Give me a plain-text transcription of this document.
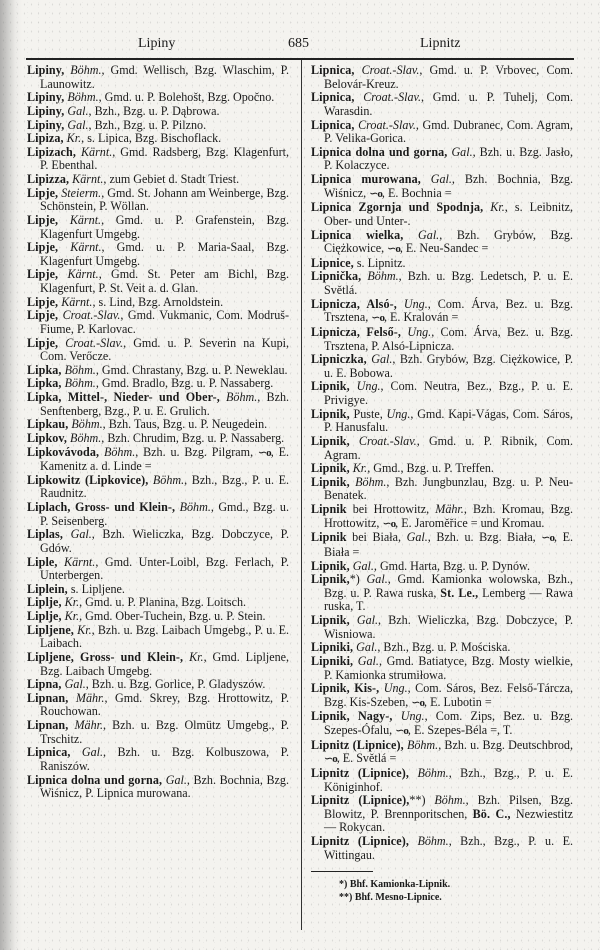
Lipiny	685	Lipnitz

Lipiny, Böhm., Gmd. Wellisch, Bzg. Wlaschim, P. Launowitz.

Lipiny, Böhm., Gmd. u. P. Bolehošt, Bzg. Opočno.

Lipiny, Gal., Bzh., Bzg. u. P. Dąbrowa.

Lipiny, Gal., Bzh., Bzg. u. P. Pilzno.

Lipiza, Kr., s. Lipica, Bzg. Bischoflack.

Lipizach, Kärnt., Gmd. Radsberg, Bzg. Klagenfurt, P. Ebenthal.

Lipizza, Kärnt., zum Gebiet d. Stadt Triest.

Lipje, Steierm., Gmd. St. Johann am Weinberge, Bzg. Schönstein, P. Wöllan.

Lipje, Kärnt., Gmd. u. P. Grafenstein, Bzg. Klagenfurt Umgebg.

Lipje, Kärnt., Gmd. u. P. Maria-Saal, Bzg. Klagenfurt Umgebg.

Lipje, Kärnt., Gmd. St. Peter am Bichl, Bzg. Klagenfurt, P. St. Veit a. d. Glan.

Lipje, Kärnt., s. Lind, Bzg. Arnoldstein.

Lipje, Croat.-Slav., Gmd. Vukmanic, Com. Modruš-Fiume, P. Karlovac.

Lipje, Croat.-Slav., Gmd. u. P. Severin na Kupi, Com. Verőcze.

Lipka, Böhm., Gmd. Chrastany, Bzg. u. P. Neweklau.

Lipka, Böhm., Gmd. Bradlo, Bzg. u. P. Nassaberg.

Lipka, Mittel-, Nieder- und Ober-, Böhm., Bzh. Senftenberg, Bzg., P. u. E. Grulich.

Lipkau, Böhm., Bzh. Taus, Bzg. u. P. Neugedein.

Lipkov, Böhm., Bzh. Chrudim, Bzg. u. P. Nassaberg.

Lipkovávoda, Böhm., Bzh. u. Bzg. Pilgram, ∽o, E. Kamenitz a. d. Linde =

Lipkowitz (Lipkovice), Böhm., Bzh., Bzg., P. u. E. Raudnitz.

Liplach, Gross- und Klein-, Böhm., Gmd., Bzg. u. P. Seisenberg.

Liplas, Gal., Bzh. Wieliczka, Bzg. Dobczyce, P. Gdów.

Liple, Kärnt., Gmd. Unter-Loibl, Bzg. Ferlach, P. Unterbergen.

Liplein, s. Lipljene.

Liplje, Kr., Gmd. u. P. Planina, Bzg. Loitsch.

Liplje, Kr., Gmd. Ober-Tuchein, Bzg. u. P. Stein.

Lipljene, Kr., Bzh. u. Bzg. Laibach Umgebg., P. u. E. Laibach.

Lipljene, Gross- und Klein-, Kr., Gmd. Lipljene, Bzg. Laibach Umgebg.

Lipna, Gal., Bzh. u. Bzg. Gorlice, P. Gladyszów.

Lipnan, Mähr., Gmd. Skrey, Bzg. Hrottowitz, P. Rouchowan.

Lipnan, Mähr., Bzh. u. Bzg. Olmütz Umgebg., P. Trschitz.

Lipnica, Gal., Bzh. u. Bzg. Kolbuszowa, P. Raniszów.

Lipnica dolna und gorna, Gal., Bzh. Bochnia, Bzg. Wiśnicz, P. Lipnica murowana.

Lipnica, Croat.-Slav., Gmd. u. P. Vrbovec, Com. Belovár-Kreuz.

Lipnica, Croat.-Slav., Gmd. u. P. Tuhelj, Com. Warasdin.

Lipnica, Croat.-Slav., Gmd. Dubranec, Com. Agram, P. Velika-Gorica.

Lipnica dolna und gorna, Gal., Bzh. u. Bzg. Jasło, P. Kolaczyce.

Lipnica murowana, Gal., Bzh. Bochnia, Bzg. Wiśnicz, ∽o, E. Bochnia =

Lipnica Zgornja und Spodnja, Kr., s. Leibnitz, Ober- und Unter-.

Lipnica wielka, Gal., Bzh. Grybów, Bzg. Ciężkowice, ∽o, E. Neu-Sandec =

Lipnice, s. Lipnitz.

Lipnička, Böhm., Bzh. u. Bzg. Ledetsch, P. u. E. Světlá.

Lipnicza, Alsó-, Ung., Com. Árva, Bez. u. Bzg. Trsztena, ∽o, E. Kralován =

Lipnicza, Felső-, Ung., Com. Árva, Bez. u. Bzg. Trsztena, P. Alsó-Lipnicza.

Lipniczka, Gal., Bzh. Grybów, Bzg. Ciężkowice, P. u. E. Bobowa.

Lipnik, Ung., Com. Neutra, Bez., Bzg., P. u. E. Privigye.

Lipnik, Puste, Ung., Gmd. Kapi-Vágas, Com. Sáros, P. Hanusfalu.

Lipnik, Croat.-Slav., Gmd. u. P. Ribnik, Com. Agram.

Lipnik, Kr., Gmd., Bzg. u. P. Treffen.

Lipnik, Böhm., Bzh. Jungbunzlau, Bzg. u. P. Neu-Benatek.

Lipnik bei Hrottowitz, Mähr., Bzh. Kromau, Bzg. Hrottowitz, ∽o, E. Jaroměřice = und Kromau.

Lipnik bei Biała, Gal., Bzh. u. Bzg. Biała, ∽o, E. Biała =

Lipnik, Gal., Gmd. Harta, Bzg. u. P. Dynów.

Lipnik,*) Gal., Gmd. Kamionka wolowska, Bzh., Bzg. u. P. Rawa ruska, St. Le., Lemberg — Rawa ruska, T.

Lipnik, Gal., Bzh. Wieliczka, Bzg. Dobczyce, P. Wisniowa.

Lipniki, Gal., Bzh., Bzg. u. P. Mościska.

Lipniki, Gal., Gmd. Batiatyce, Bzg. Mosty wielkie, P. Kamionka strumiłowa.

Lipnik, Kis-, Ung., Com. Sáros, Bez. Felső-Tárcza, Bzg. Kis-Szeben, ∽o, E. Lubotin =

Lipnik, Nagy-, Ung., Com. Zips, Bez. u. Bzg. Szepes-Ófalu, ∽o, E. Szepes-Béla =, T.

Lipnitz (Lipnice), Böhm., Bzh. u. Bzg. Deutschbrod, ∽o, E. Světlá =

Lipnitz (Lipnice), Böhm., Bzh., Bzg., P. u. E. Königinhof.

Lipnitz (Lipnice),**) Böhm., Bzh. Pilsen, Bzg. Blowitz, P. Brennporitschen, Bö. C., Nezwiestitz — Rokycan.

Lipnitz (Lipnice), Böhm., Bzh., Bzg., P. u. E. Wittingau.

*) Bhf. Kamionka-Lipnik.
**) Bhf. Mesno-Lipnice.
